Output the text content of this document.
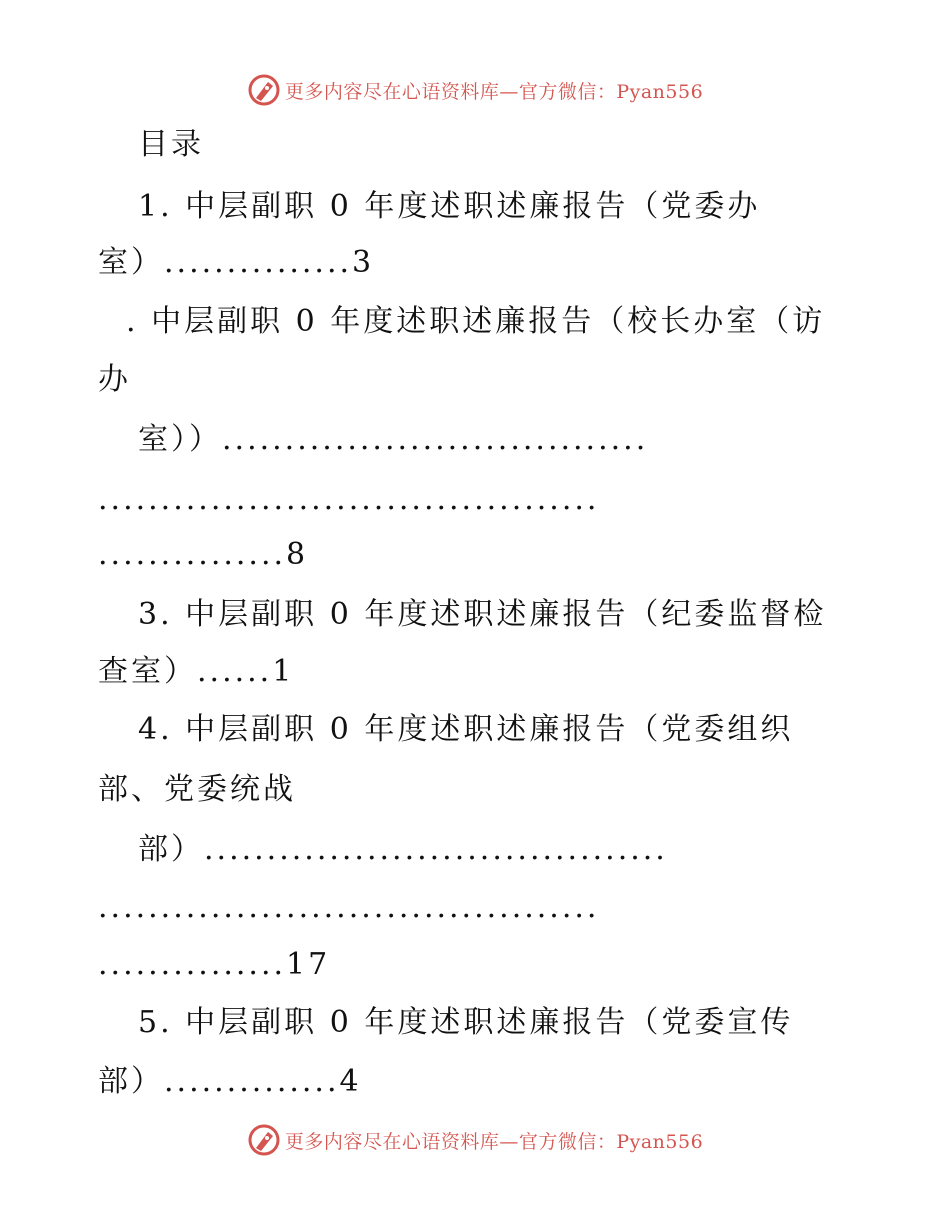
更多内容尽在心语资料库—官方微信：Pyan556
目录
1. 中层副职 0 年度述职述廉报告（党委办
室）...............3
. 中层副职 0 年度述职述廉报告（校长办室（访
办
室））..................................
........................................
...............8
3. 中层副职 0 年度述职述廉报告（纪委监督检
查室）......1
4. 中层副职 0 年度述职述廉报告（党委组织
部、党委统战
部）.....................................
........................................
...............17
5. 中层副职 0 年度述职述廉报告（党委宣传
部）..............4
更多内容尽在心语资料库—官方微信：Pyan556
